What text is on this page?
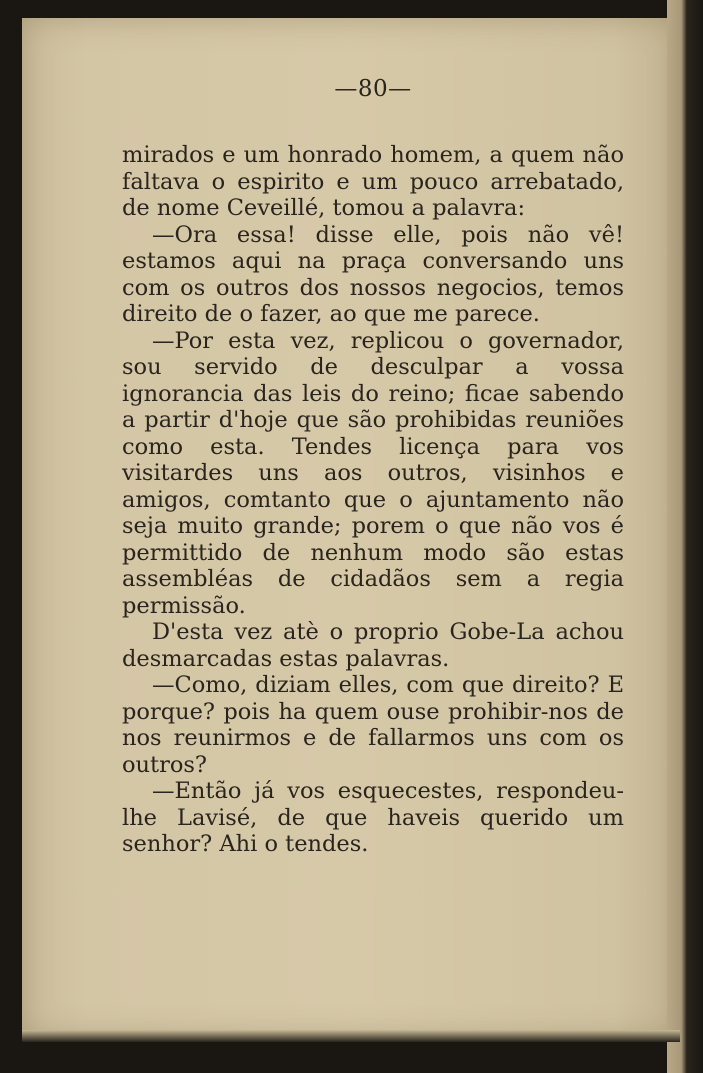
—80—

mirados e um honrado homem, a quem não faltava o espirito e um pouco arrebatado, de nome Ceveillé, tomou a palavra:

—Ora essa! disse elle, pois não vê! estamos aqui na praça conversando uns com os outros dos nossos negocios, temos direito de o fazer, ao que me parece.

—Por esta vez, replicou o governador, sou servido de desculpar a vossa ignorancia das leis do reino; ficae sabendo a partir d'hoje que são prohibidas reuniões como esta. Tendes licença para vos visitardes uns aos outros, visinhos e amigos, comtanto que o ajuntamento não seja muito grande; porem o que não vos é permittido de nenhum modo são estas assembléas de cidadãos sem a regia permissão.

D'esta vez atè o proprio Gobe-La achou desmarcadas estas palavras.

—Como, diziam elles, com que direito? E porque? pois ha quem ouse prohibir-nos de nos reunirmos e de fallarmos uns com os outros?

—Então já vos esquecestes, respondeu-lhe Lavisé, de que haveis querido um senhor? Ahi o tendes.
